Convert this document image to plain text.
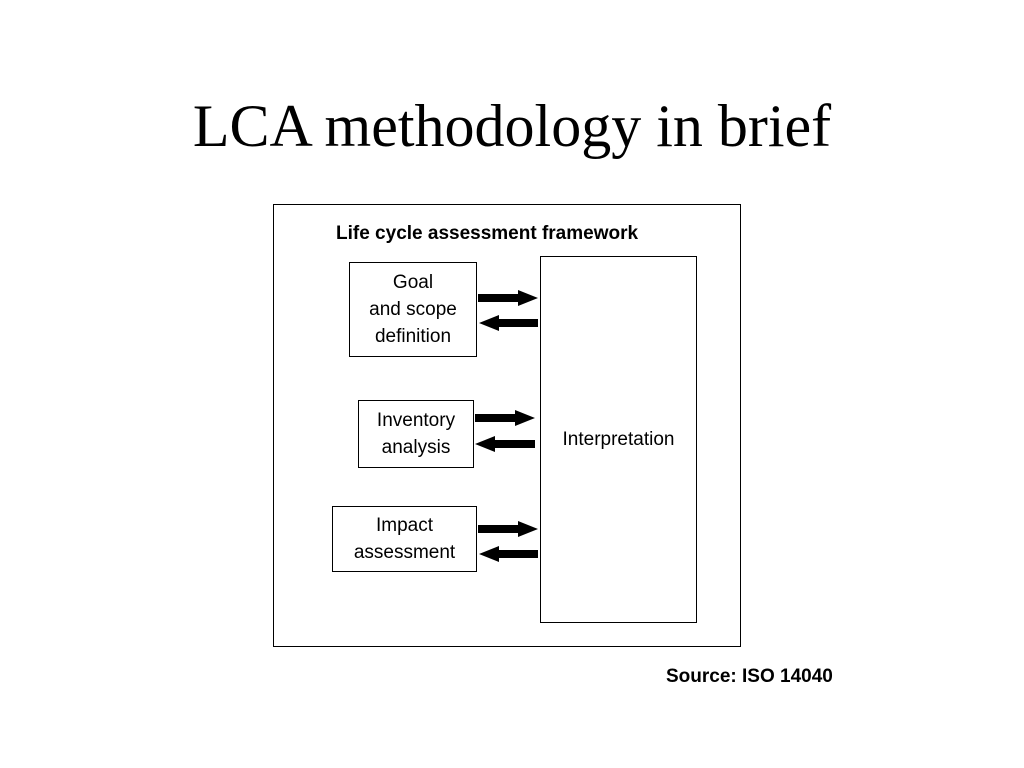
LCA methodology in brief
Life cycle assessment framework
Goal
and scope
definition
Inventory
analysis
Impact
assessment
Interpretation
Source: ISO 14040
